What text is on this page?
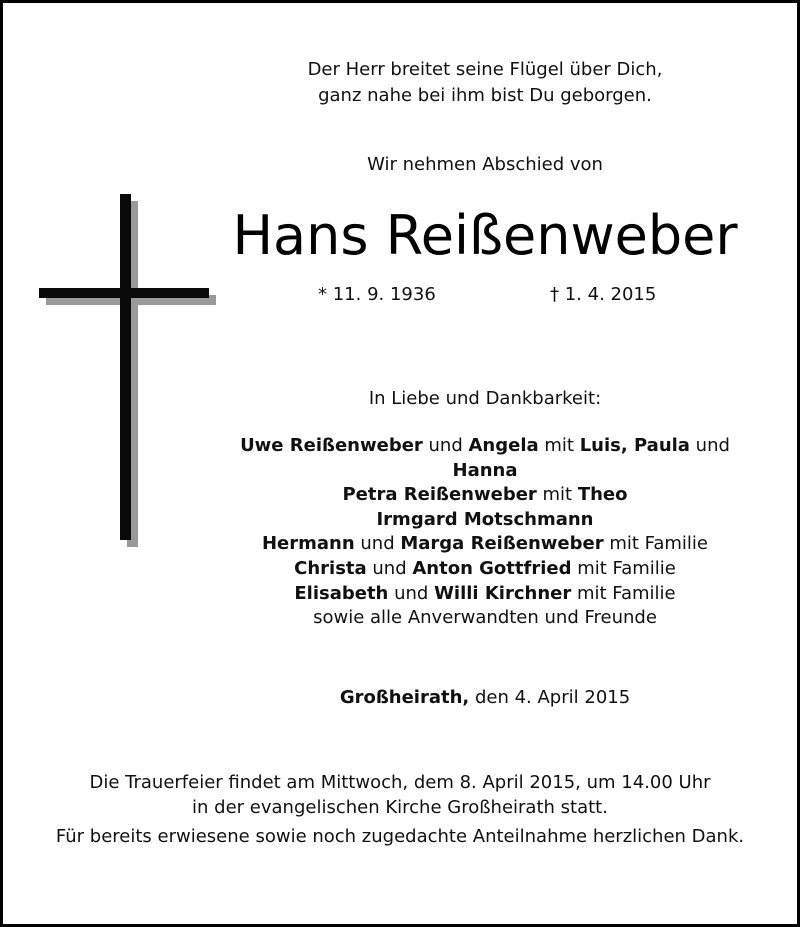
Der Herr breitet seine Flügel über Dich,
ganz nahe bei ihm bist Du geborgen.
Wir nehmen Abschied von
Hans Reißenweber
* 11. 9. 1936	† 1. 4. 2015
In Liebe und Dankbarkeit:
Uwe Reißenweber und Angela mit Luis, Paula und Hanna
Petra Reißenweber mit Theo
Irmgard Motschmann
Hermann und Marga Reißenweber mit Familie
Christa und Anton Gottfried mit Familie
Elisabeth und Willi Kirchner mit Familie
sowie alle Anverwandten und Freunde
Großheirath, den 4. April 2015
Die Trauerfeier findet am Mittwoch, dem 8. April 2015, um 14.00 Uhr
in der evangelischen Kirche Großheirath statt.
Für bereits erwiesene sowie noch zugedachte Anteilnahme herzlichen Dank.
